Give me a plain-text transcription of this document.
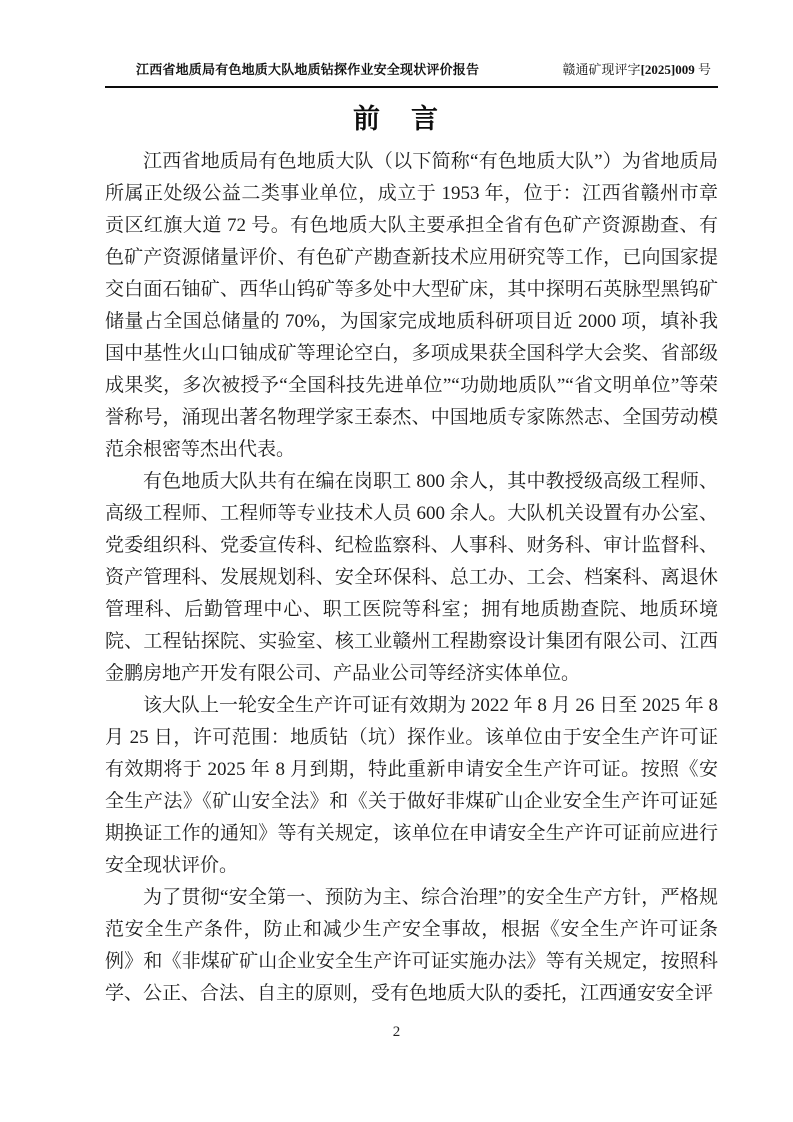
江西省地质局有色地质大队地质钻探作业安全现状评价报告	赣通矿现评字[2025]009 号
前　言

江西省地质局有色地质大队（以下简称“有色地质大队”）为省地质局所属正处级公益二类事业单位，成立于 1953 年，位于：江西省赣州市章贡区红旗大道 72 号。有色地质大队主要承担全省有色矿产资源勘查、有色矿产资源储量评价、有色矿产勘查新技术应用研究等工作，已向国家提交白面石铀矿、西华山钨矿等多处中大型矿床，其中探明石英脉型黑钨矿储量占全国总储量的 70%，为国家完成地质科研项目近 2000 项，填补我国中基性火山口铀成矿等理论空白，多项成果获全国科学大会奖、省部级成果奖，多次被授予“全国科技先进单位”“功勋地质队”“省文明单位”等荣誉称号，涌现出著名物理学家王泰杰、中国地质专家陈然志、全国劳动模范余根密等杰出代表。

有色地质大队共有在编在岗职工 800 余人，其中教授级高级工程师、高级工程师、工程师等专业技术人员 600 余人。大队机关设置有办公室、党委组织科、党委宣传科、纪检监察科、人事科、财务科、审计监督科、资产管理科、发展规划科、安全环保科、总工办、工会、档案科、离退休管理科、后勤管理中心、职工医院等科室；拥有地质勘查院、地质环境院、工程钻探院、实验室、核工业赣州工程勘察设计集团有限公司、江西金鹏房地产开发有限公司、产品业公司等经济实体单位。

该大队上一轮安全生产许可证有效期为 2022 年 8 月 26 日至 2025 年 8 月 25 日，许可范围：地质钻（坑）探作业。该单位由于安全生产许可证有效期将于 2025 年 8 月到期，特此重新申请安全生产许可证。按照《安全生产法》《矿山安全法》和《关于做好非煤矿山企业安全生产许可证延期换证工作的通知》等有关规定，该单位在申请安全生产许可证前应进行安全现状评价。

为了贯彻“安全第一、预防为主、综合治理”的安全生产方针，严格规范安全生产条件，防止和减少生产安全事故，根据《安全生产许可证条例》和《非煤矿矿山企业安全生产许可证实施办法》等有关规定，按照科学、公正、合法、自主的原则，受有色地质大队的委托，江西通安安全评

2
